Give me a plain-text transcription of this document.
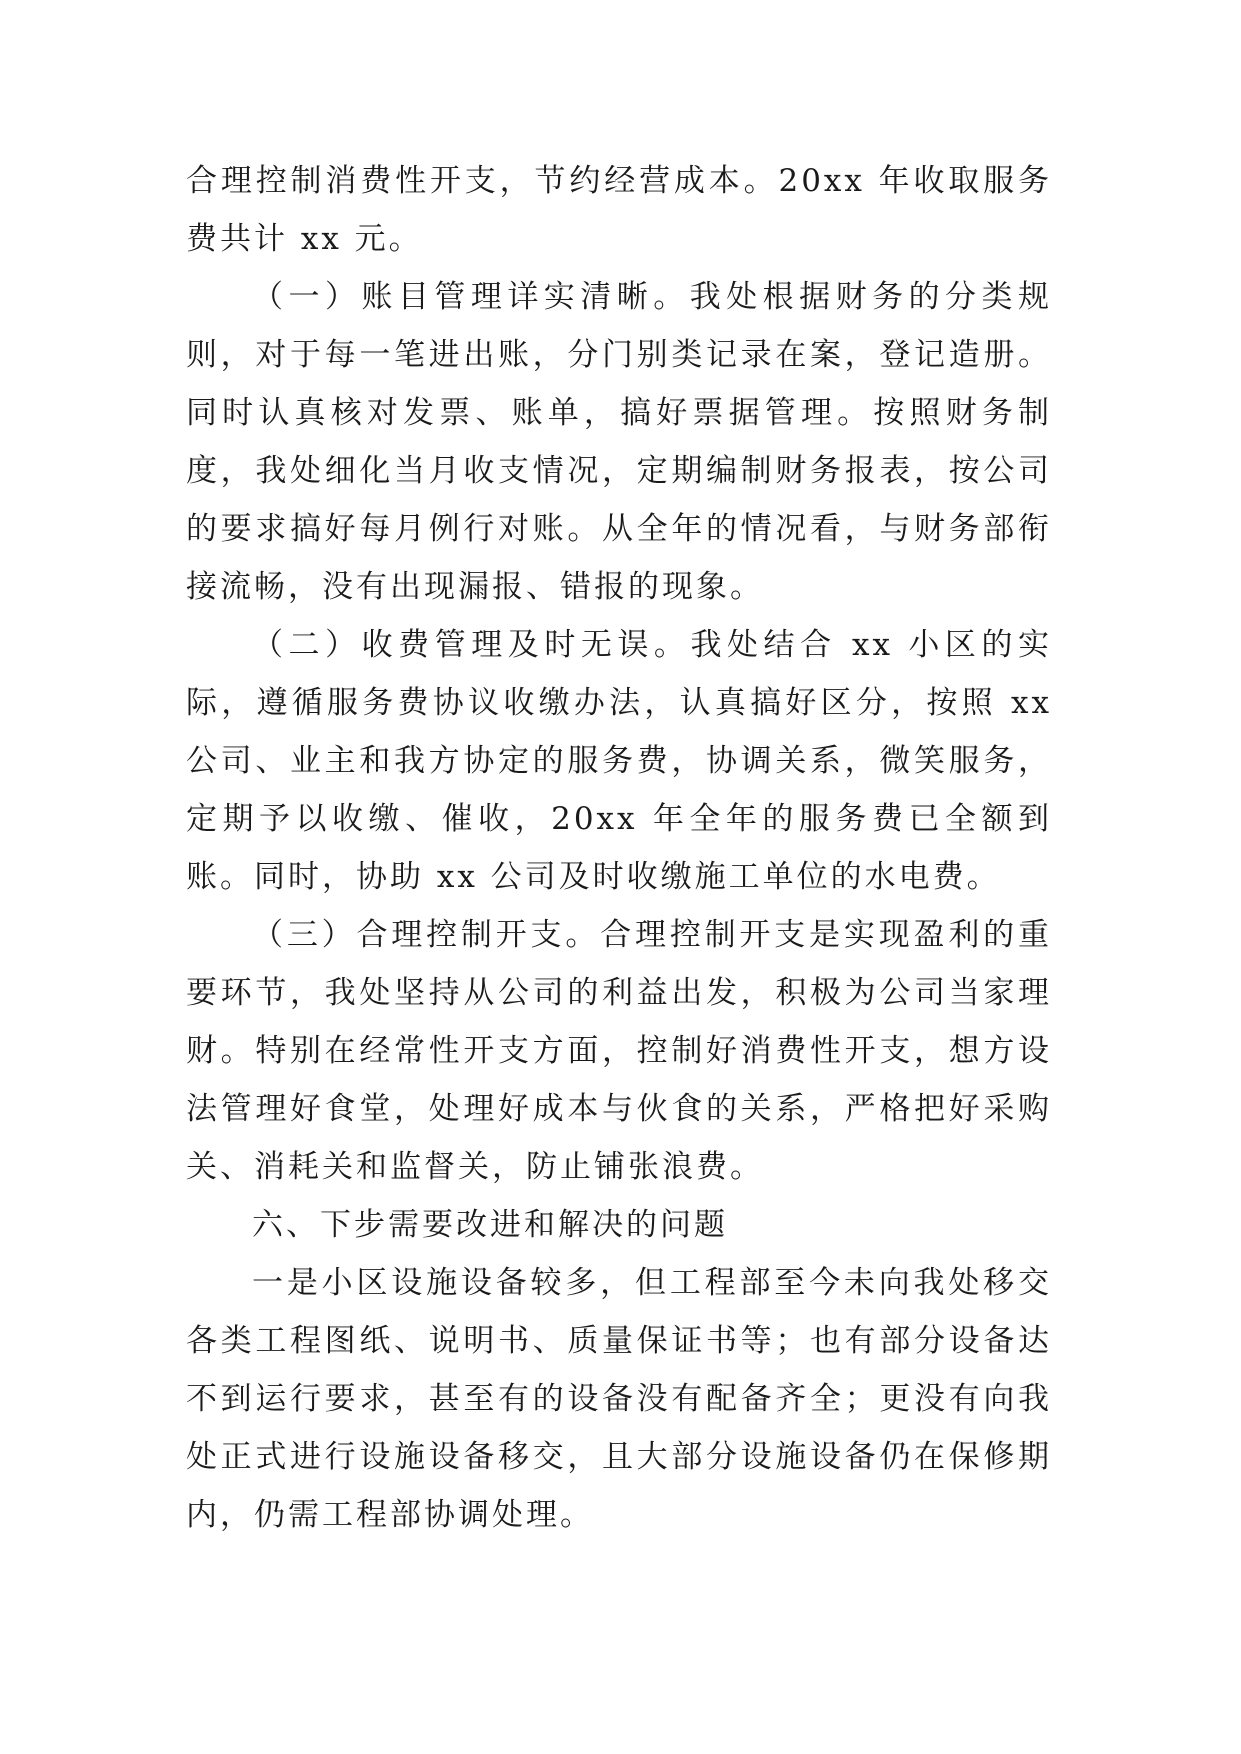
合理控制消费性开支，节约经营成本。20xx 年收取服务费共计 xx 元。

（一）账目管理详实清晰。我处根据财务的分类规则，对于每一笔进出账，分门别类记录在案，登记造册。同时认真核对发票、账单，搞好票据管理。按照财务制度，我处细化当月收支情况，定期编制财务报表，按公司的要求搞好每月例行对账。从全年的情况看，与财务部衔接流畅，没有出现漏报、错报的现象。

（二）收费管理及时无误。我处结合 xx 小区的实际，遵循服务费协议收缴办法，认真搞好区分，按照 xx 公司、业主和我方协定的服务费，协调关系，微笑服务，定期予以收缴、催收，20xx 年全年的服务费已全额到账。同时，协助 xx 公司及时收缴施工单位的水电费。

（三）合理控制开支。合理控制开支是实现盈利的重要环节，我处坚持从公司的利益出发，积极为公司当家理财。特别在经常性开支方面，控制好消费性开支，想方设法管理好食堂，处理好成本与伙食的关系，严格把好采购关、消耗关和监督关，防止铺张浪费。

六、下步需要改进和解决的问题

一是小区设施设备较多，但工程部至今未向我处移交各类工程图纸、说明书、质量保证书等；也有部分设备达不到运行要求，甚至有的设备没有配备齐全；更没有向我处正式进行设施设备移交，且大部分设施设备仍在保修期内，仍需工程部协调处理。
